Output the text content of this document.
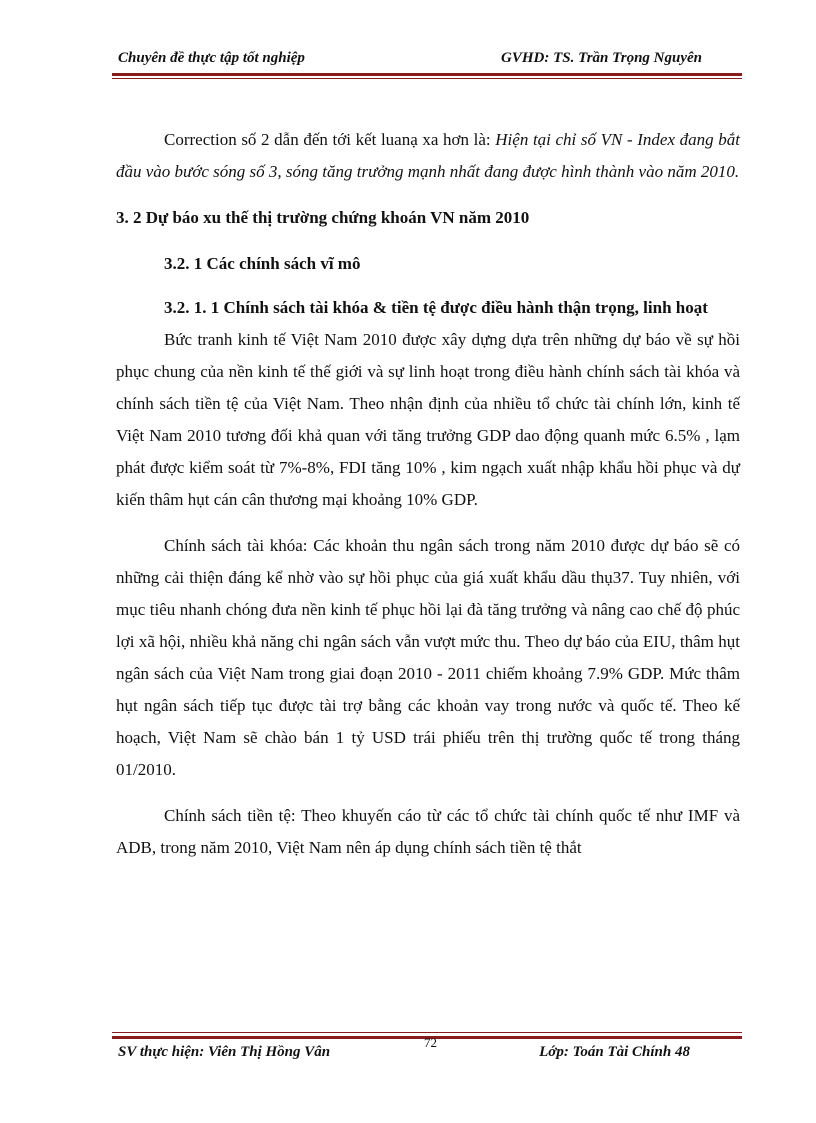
Chuyên đề thực tập tốt nghiệp	GVHD: TS. Trần Trọng Nguyên

Correction số 2 dẫn đến tới kết luanạ xa hơn là: Hiện tại chỉ số VN - Index đang bắt đầu vào bước sóng số 3, sóng tăng trưởng mạnh nhất đang được hình thành vào năm 2010.

3. 2 Dự báo xu thế thị trường chứng khoán VN năm 2010

3.2. 1 Các chính sách vĩ mô

3.2. 1. 1 Chính sách tài khóa & tiền tệ được điều hành thận trọng, linh hoạt

Bức tranh kinh tế Việt Nam 2010 được xây dựng dựa trên những dự báo về sự hồi phục chung của nền kinh tế thế giới và sự linh hoạt trong điều hành chính sách tài khóa và chính sách tiền tệ của Việt Nam. Theo nhận định của nhiều tổ chức tài chính lớn, kinh tế Việt Nam 2010 tương đối khả quan với tăng trưởng GDP dao động quanh mức 6.5% , lạm phát được kiểm soát từ 7%-8%, FDI tăng 10% , kim ngạch xuất nhập khẩu hồi phục và dự kiến thâm hụt cán cân thương mại khoảng 10% GDP.

Chính sách tài khóa: Các khoản thu ngân sách trong năm 2010 được dự báo sẽ có những cải thiện đáng kể nhờ vào sự hồi phục của giá xuất khẩu dầu thụ37. Tuy nhiên, với mục tiêu nhanh chóng đưa nền kinh tế phục hồi lại đà tăng trưởng và nâng cao chế độ phúc lợi xã hội, nhiều khả năng chi ngân sách vẫn vượt mức thu. Theo dự báo của EIU, thâm hụt ngân sách của Việt Nam trong giai đoạn 2010 - 2011 chiếm khoảng 7.9% GDP. Mức thâm hụt ngân sách tiếp tục được tài trợ bằng các khoản vay trong nước và quốc tế. Theo kế hoạch, Việt Nam sẽ chào bán 1 tỷ USD trái phiếu trên thị trường quốc tế trong tháng 01/2010.

Chính sách tiền tệ: Theo khuyến cáo từ các tổ chức tài chính quốc tế như IMF và ADB, trong năm 2010, Việt Nam nên áp dụng chính sách tiền tệ thắt

SV thực hiện: Viên Thị Hồng Vân
72
Lớp: Toán Tài Chính 48
